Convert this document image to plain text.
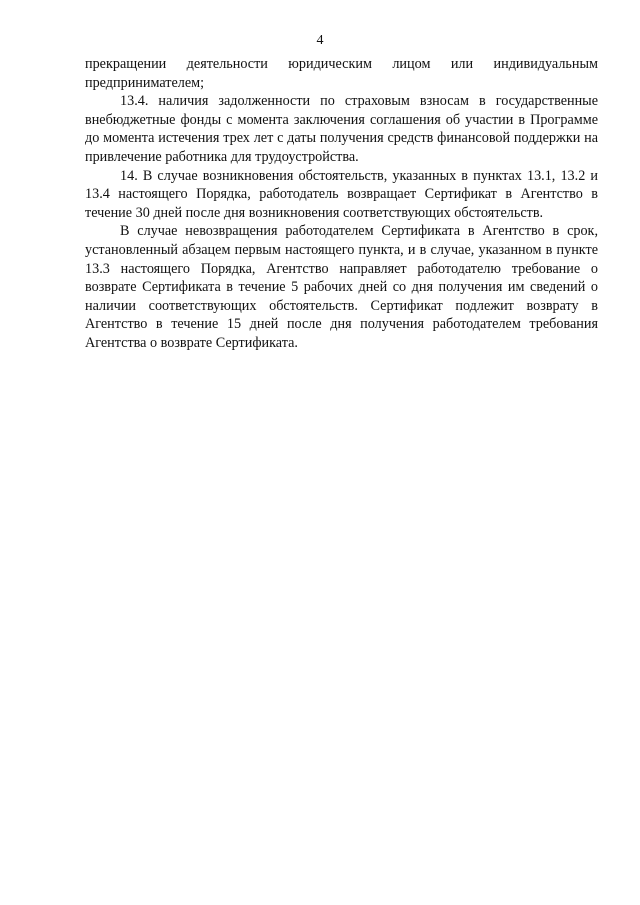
4

прекращении деятельности юридическим лицом или индивидуальным предпринимателем;

13.4. наличия задолженности по страховым взносам в государственные внебюджетные фонды с момента заключения соглашения об участии в Программе до момента истечения трех лет с даты получения средств финансовой поддержки на привлечение работника для трудоустройства.

14. В случае возникновения обстоятельств, указанных в пунктах 13.1, 13.2 и 13.4 настоящего Порядка, работодатель возвращает Сертификат в Агентство в течение 30 дней после дня возникновения соответствующих обстоятельств.

В случае невозвращения работодателем Сертификата в Агентство в срок, установленный абзацем первым настоящего пункта, и в случае, указанном в пункте 13.3 настоящего Порядка, Агентство направляет работодателю требование о возврате Сертификата в течение 5 рабочих дней со дня получения им сведений о наличии соответствующих обстоятельств. Сертификат подлежит возврату в Агентство в течение 15 дней после дня получения работодателем требования Агентства о возврате Сертификата.
